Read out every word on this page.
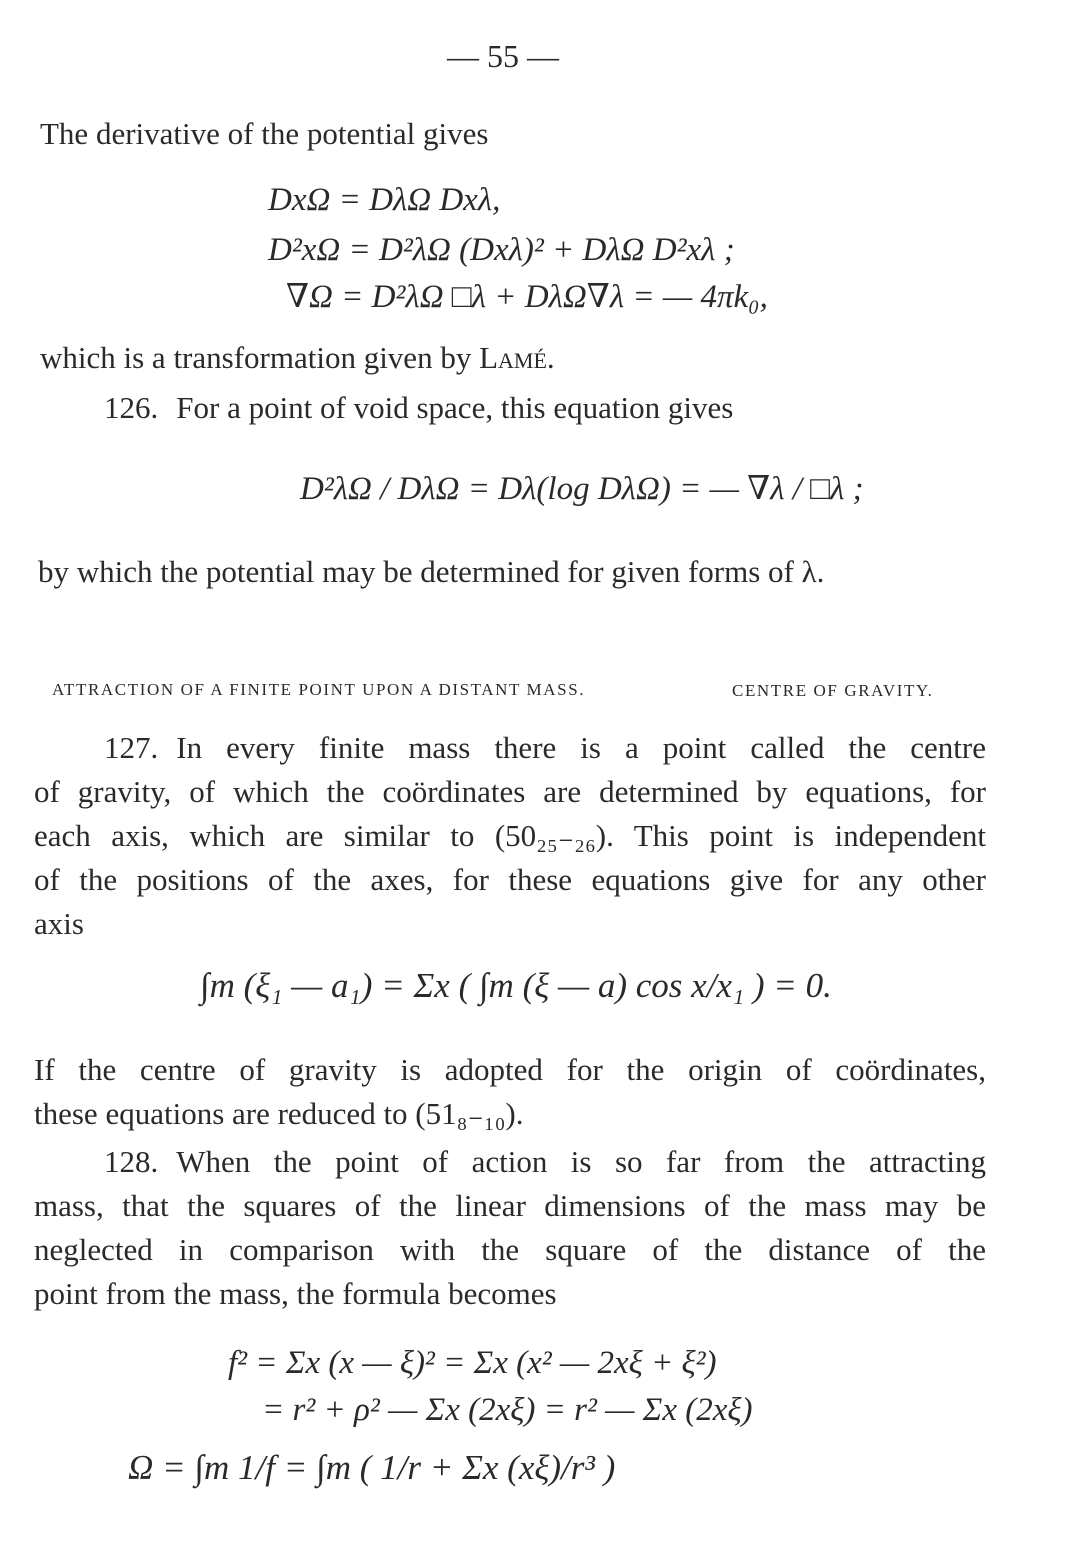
— 55 —
The derivative of the potential gives
DxΩ = DλΩ Dxλ,
D²xΩ = D²λΩ (Dxλ)² + DλΩ D²xλ ;
∇Ω = D²λΩ □λ + DλΩ∇λ = — 4πk₀,
which is a transformation given by Lamé.
126. For a point of void space, this equation gives
D²λΩ / DλΩ = Dλ(log DλΩ) = — ∇λ / □λ ;
by which the potential may be determined for given forms of λ.
ATTRACTION OF A FINITE POINT UPON A DISTANT MASS.	CENTRE OF GRAVITY.
127. In every finite mass there is a point called the centre
of gravity, of which the coördinates are determined by equations, for
each axis, which are similar to (50₂₅₋₂₆). This point is independent
of the positions of the axes, for these equations give for any other
axis
∫m (ξ₁ — a₁) = Σx ( ∫m (ξ — a) cos x/x₁ ) = 0.
If the centre of gravity is adopted for the origin of coördinates,
these equations are reduced to (51₈₋₁₀).
128. When the point of action is so far from the attracting
mass, that the squares of the linear dimensions of the mass may be
neglected in comparison with the square of the distance of the
point from the mass, the formula becomes
f² = Σx (x — ξ)² = Σx (x² — 2xξ + ξ²)
= r² + ρ² — Σx (2xξ) = r² — Σx (2xξ)
Ω = ∫m 1/f = ∫m ( 1/r + Σx (xξ)/r³ )
